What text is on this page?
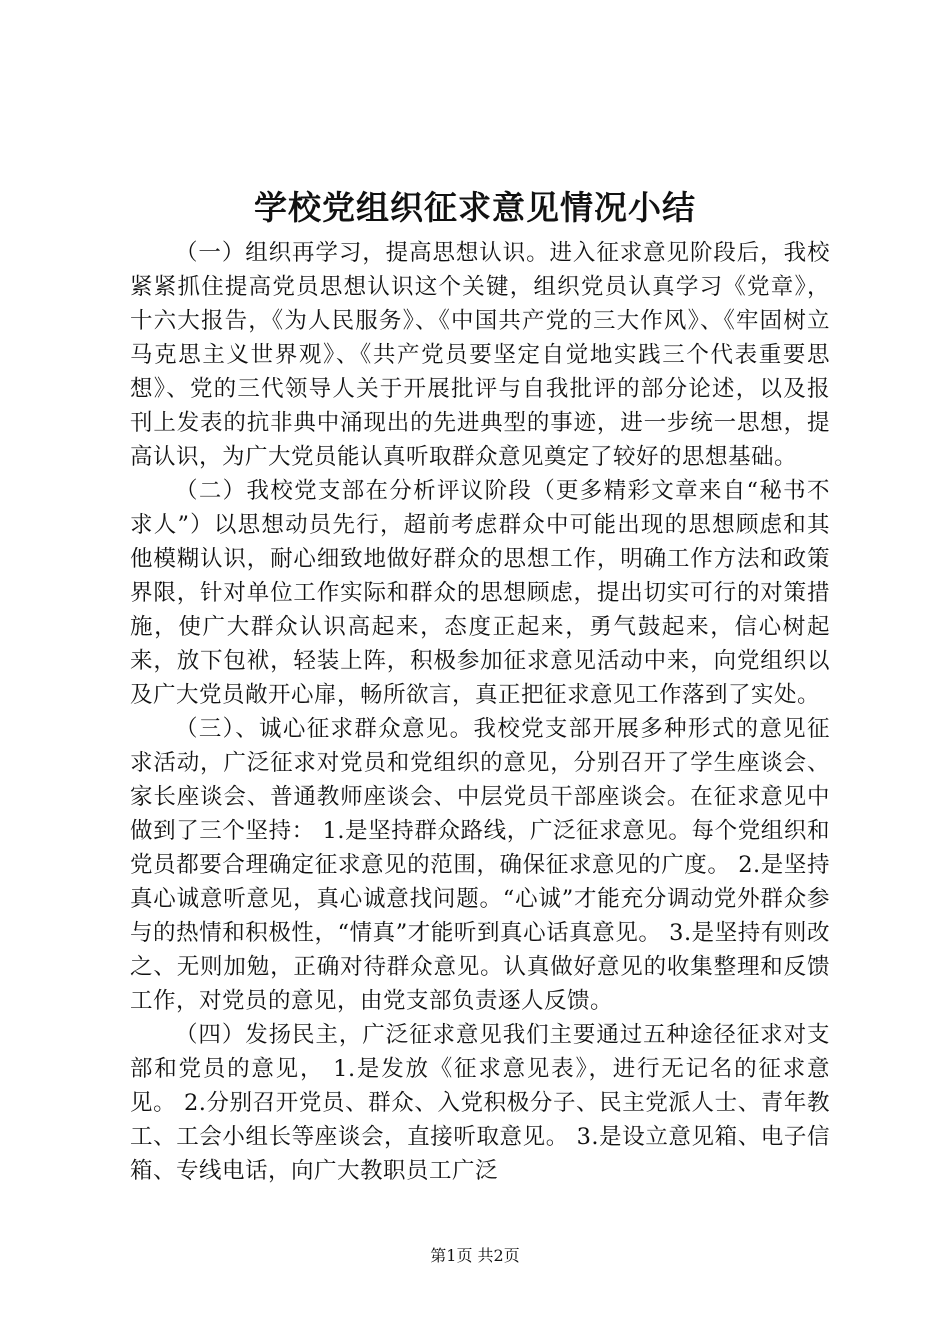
学校党组织征求意见情况小结

（一）组织再学习，提高思想认识。进入征求意见阶段后，我校紧紧抓住提高党员思想认识这个关键，组织党员认真学习《党章》，十六大报告，《为人民服务》、《中国共产党的三大作风》、《牢固树立马克思主义世界观》、《共产党员要坚定自觉地实践三个代表重要思想》、党的三代领导人关于开展批评与自我批评的部分论述，以及报刊上发表的抗非典中涌现出的先进典型的事迹，进一步统一思想，提高认识，为广大党员能认真听取群众意见奠定了较好的思想基础。

（二）我校党支部在分析评议阶段（更多精彩文章来自“秘书不求人”）以思想动员先行，超前考虑群众中可能出现的思想顾虑和其他模糊认识，耐心细致地做好群众的思想工作，明确工作方法和政策界限，针对单位工作实际和群众的思想顾虑，提出切实可行的对策措施，使广大群众认识高起来，态度正起来，勇气鼓起来，信心树起来，放下包袱，轻装上阵，积极参加征求意见活动中来，向党组织以及广大党员敞开心扉，畅所欲言，真正把征求意见工作落到了实处。

（三）、诚心征求群众意见。我校党支部开展多种形式的意见征求活动，广泛征求对党员和党组织的意见，分别召开了学生座谈会、家长座谈会、普通教师座谈会、中层党员干部座谈会。在征求意见中做到了三个坚持： 1.是坚持群众路线，广泛征求意见。每个党组织和党员都要合理确定征求意见的范围，确保征求意见的广度。 2.是坚持真心诚意听意见，真心诚意找问题。“心诚”才能充分调动党外群众参与的热情和积极性，“情真”才能听到真心话真意见。 3.是坚持有则改之、无则加勉，正确对待群众意见。认真做好意见的收集整理和反馈工作，对党员的意见，由党支部负责逐人反馈。

（四）发扬民主，广泛征求意见我们主要通过五种途径征求对支部和党员的意见， 1.是发放《征求意见表》，进行无记名的征求意见。 2.分别召开党员、群众、入党积极分子、民主党派人士、青年教工、工会小组长等座谈会，直接听取意见。 3.是设立意见箱、电子信箱、专线电话，向广大教职员工广泛

第1页 共2页
